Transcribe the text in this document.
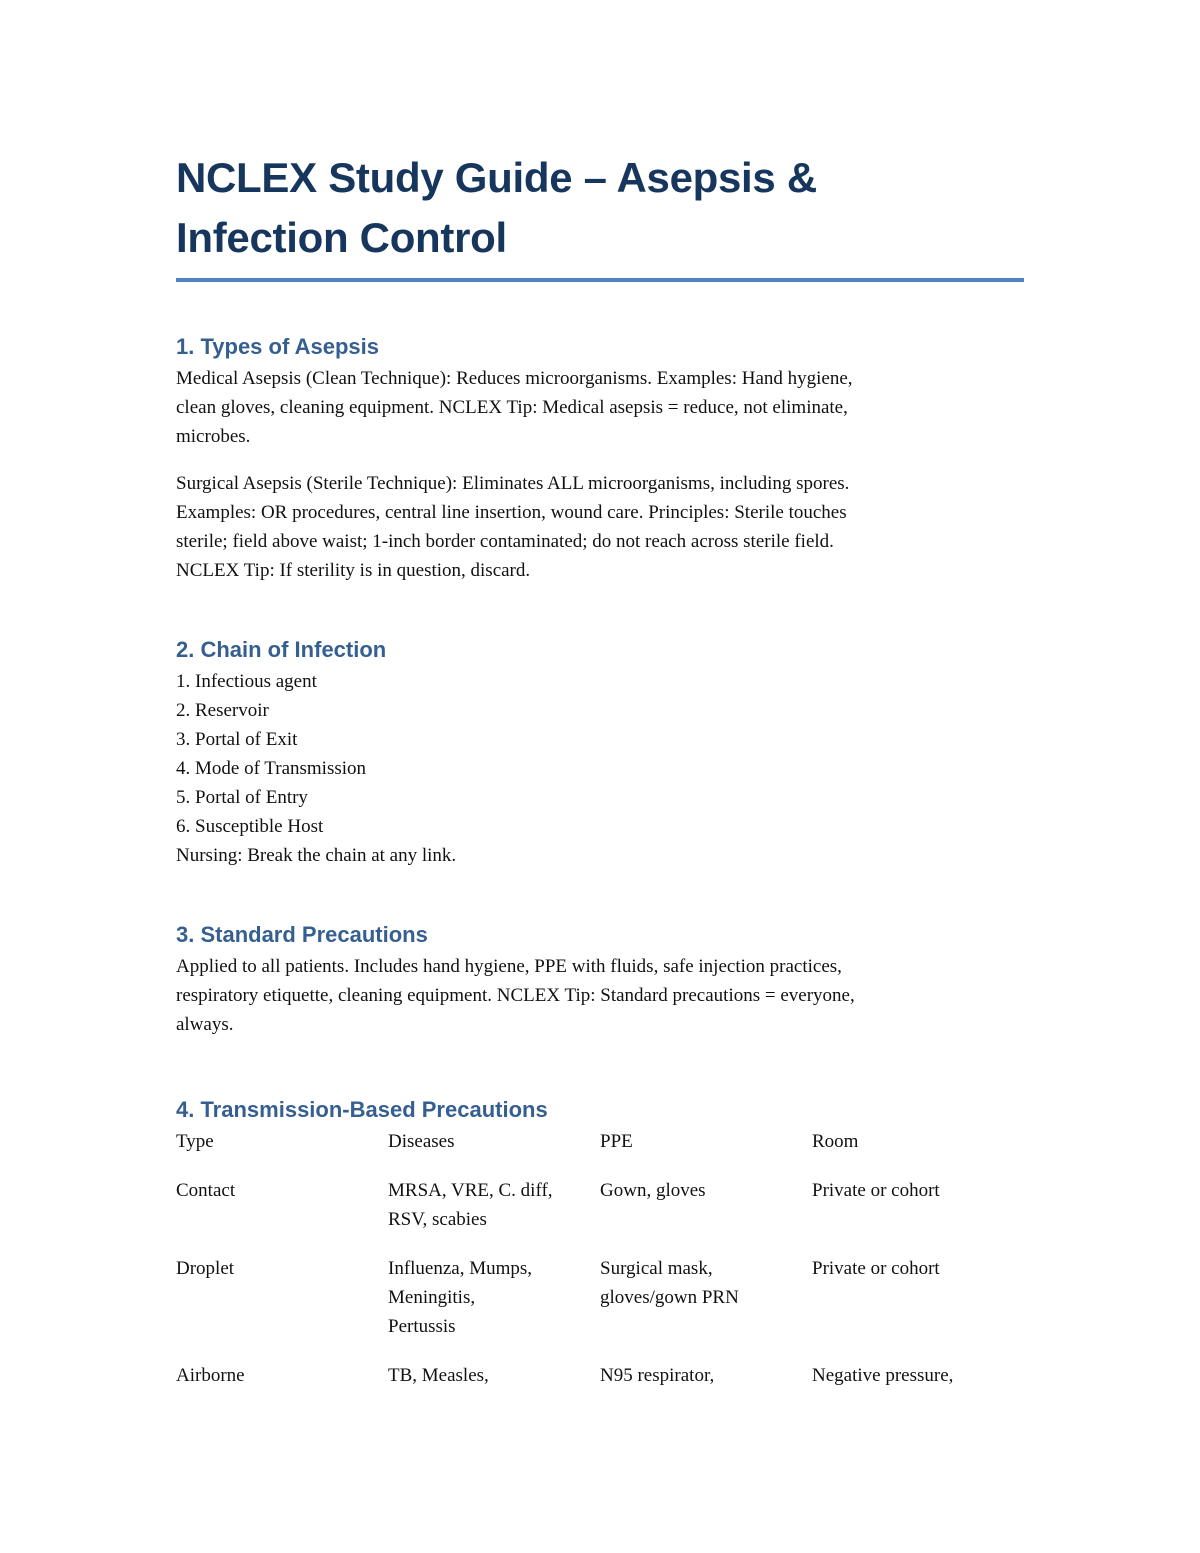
NCLEX Study Guide – Asepsis &
Infection Control
1. Types of Asepsis

Medical Asepsis (Clean Technique): Reduces microorganisms. Examples: Hand hygiene,
clean gloves, cleaning equipment. NCLEX Tip: Medical asepsis = reduce, not eliminate,
microbes.

Surgical Asepsis (Sterile Technique): Eliminates ALL microorganisms, including spores.
Examples: OR procedures, central line insertion, wound care. Principles: Sterile touches
sterile; field above waist; 1-inch border contaminated; do not reach across sterile field.
NCLEX Tip: If sterility is in question, discard.

2. Chain of Infection

1. Infectious agent

2. Reservoir

3. Portal of Exit

4. Mode of Transmission

5. Portal of Entry

6. Susceptible Host

Nursing: Break the chain at any link.

3. Standard Precautions

Applied to all patients. Includes hand hygiene, PPE with fluids, safe injection practices,
respiratory etiquette, cleaning equipment. NCLEX Tip: Standard precautions = everyone,
always.

4. Transmission-Based Precautions
Type	Diseases	PPE	Room

Contact	MRSA, VRE, C. diff,
RSV, scabies	Gown, gloves	Private or cohort

Droplet	Influenza, Mumps,
Meningitis,
Pertussis	Surgical mask,
gloves/gown PRN	Private or cohort

Airborne	TB, Measles,	N95 respirator,	Negative pressure,
